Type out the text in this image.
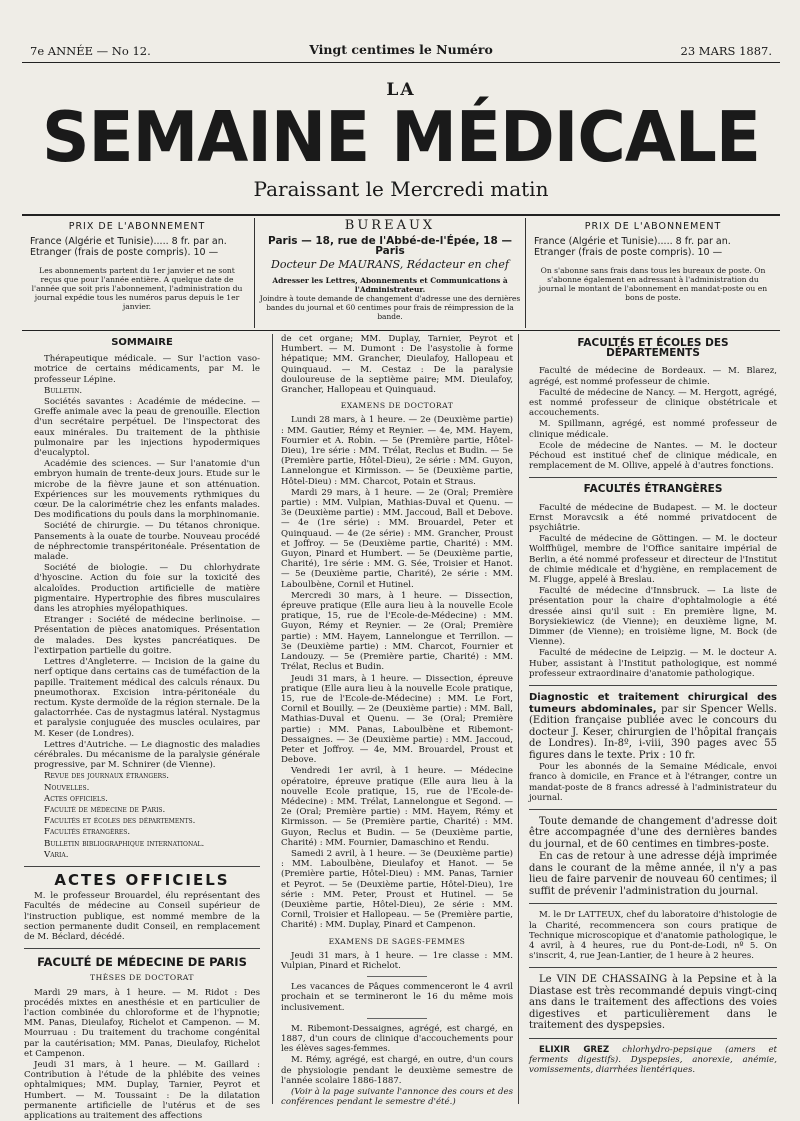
7e ANNÉE — No 12.	Vingt centimes le Numéro	23 MARS 1887.
LA
SEMAINE MÉDICALE
Paraissant le Mercredi matin
PRIX DE L'ABONNEMENT
France (Algérie et Tunisie)..... 8 fr. par an.
Etranger (frais de poste compris). 10 —
Les abonnements partent du 1er janvier et ne sont reçus que pour l'année entière. A quelque date de l'année que soit pris l'abonnement, l'administration du journal expédie tous les numéros parus depuis le 1er janvier.
BUREAUX
Paris — 18, rue de l'Abbé-de-l'Épée, 18 — Paris
Docteur De MAURANS, Rédacteur en chef
Adresser les Lettres, Abonnements et Communications à l'Administrateur.
Joindre à toute demande de changement d'adresse une des dernières bandes du journal et 60 centimes pour frais de réimpression de la bande.
PRIX DE L'ABONNEMENT
France (Algérie et Tunisie)..... 8 fr. par an.
Etranger (frais de poste compris). 10 —
On s'abonne sans frais dans tous les bureaux de poste. On s'abonne également en adressant à l'administration du journal le montant de l'abonnement en mandat-poste ou en bons de poste.
SOMMAIRE

Thérapeutique médicale. — Sur l'action vaso-motrice de certains médicaments, par M. le professeur Lépine.

Bulletin.

Sociétés savantes : Académie de médecine. — Greffe animale avec la peau de grenouille. Election d'un secrétaire perpétuel. De l'inspectorat des eaux minérales. Du traitement de la phthisie pulmonaire par les injections hypodermiques d'eucalyptol.

Académie des sciences. — Sur l'anatomie d'un embryon humain de trente-deux jours. Etude sur le microbe de la fièvre jaune et son atténuation. Expériences sur les mouvements rythmiques du cœur. De la calorimétrie chez les enfants malades. Des modifications du pouls dans la morphinomanie.

Société de chirurgie. — Du tétanos chronique. Pansements à la ouate de tourbe. Nouveau procédé de néphrectomie transpéritonéale. Présentation de malade.

Société de biologie. — Du chlorhydrate d'hyoscine. Action du foie sur la toxicité des alcaloïdes. Production artificielle de matière pigmentaire. Hypertrophie des fibres musculaires dans les atrophies myélopathiques.

Etranger : Société de médecine berlinoise. — Présentation de pièces anatomiques. Présentation de malades. Des kystes pancréatiques. De l'extirpation partielle du goitre.

Lettres d'Angleterre. — Incision de la gaine du nerf optique dans certains cas de tuméfaction de la papille. Traitement médical des calculs rénaux. Du pneumothorax. Excision intra-péritonéale du rectum. Kyste dermoïde de la région sternale. De la galactorrhée. Cas de nystagmus latéral. Nystagmus et paralysie conjuguée des muscles oculaires, par M. Keser (de Londres).

Lettres d'Autriche. — Le diagnostic des maladies cérébrales. Du mécanisme de la paralysie générale progressive, par M. Schnirer (de Vienne).

Revue des journaux étrangers.

Nouvelles.

Actes officiels.

Faculté de médecine de Paris.

Facultés et écoles des départements.

Facultés étrangères.

Bulletin bibliographique international.

Varia.

ACTES OFFICIELS

M. le professeur Brouardel, élu représentant des Facultés de médecine au Conseil supérieur de l'instruction publique, est nommé membre de la section permanente dudit Conseil, en remplacement de M. Béclard, décédé.

FACULTÉ DE MÉDECINE DE PARIS
THÈSES DE DOCTORAT

Mardi 29 mars, à 1 heure. — M. Ridot : Des procédés mixtes en anesthésie et en particulier de l'action combinée du chloroforme et de l'hypnotie; MM. Panas, Dieulafoy, Richelot et Campenon. — M. Mourruau : Du traitement du trachome congénital par la cautérisation; MM. Panas, Dieulafoy, Richelot et Campenon.

Jeudi 31 mars, à 1 heure. — M. Gaillard : Contribution à l'étude de la phlébite des veines ophtalmiques; MM. Duplay, Tarnier, Peyrot et Humbert. — M. Toussaint : De la dilatation permanente artificielle de l'utérus et de ses applications au traitement des affections

de cet organe; MM. Duplay, Tarnier, Peyrot et Humbert. — M. Dumont : De l'asystolie à forme hépatique; MM. Grancher, Dieulafoy, Hallopeau et Quinquaud. — M. Cestaz : De la paralysie douloureuse de la septième paire; MM. Dieulafoy, Grancher, Hallopeau et Quinquaud.

EXAMENS DE DOCTORAT

Lundi 28 mars, à 1 heure. — 2e (Deuxième partie) : MM. Gautier, Rémy et Reynier. — 4e, MM. Hayem, Fournier et A. Robin. — 5e (Première partie, Hôtel-Dieu), 1re série : MM. Trélat, Reclus et Budin. — 5e (Première partie, Hôtel-Dieu), 2e série : MM. Guyon, Lannelongue et Kirmisson. — 5e (Deuxième partie, Hôtel-Dieu) : MM. Charcot, Potain et Straus.

Mardi 29 mars, à 1 heure. — 2e (Oral; Première partie) : MM. Vulpian, Mathias-Duval et Quenu. — 3e (Deuxième partie) : MM. Jaccoud, Ball et Debove. — 4e (1re série) : MM. Brouardel, Peter et Quinquaud. — 4e (2e série) : MM. Grancher, Proust et Joffroy. — 5e (Deuxième partie, Charité) : MM. Guyon, Pinard et Humbert. — 5e (Deuxième partie, Charité), 1re série : MM. G. Sée, Troisier et Hanot. — 5e (Deuxième partie, Charité), 2e série : MM. Laboulbène, Cornil et Hutinel.

Mercredi 30 mars, à 1 heure. — Dissection, épreuve pratique (Elle aura lieu à la nouvelle Ecole pratique, 15, rue de l'Ecole-de-Médecine) : MM. Guyon, Rémy et Reynier. — 2e (Oral; Première partie) : MM. Hayem, Lannelongue et Terrillon. — 3e (Deuxième partie) : MM. Charcot, Fournier et Landouzy. — 5e (Première partie, Charité) : MM. Trélat, Reclus et Budin.

Jeudi 31 mars, à 1 heure. — Dissection, épreuve pratique (Elle aura lieu à la nouvelle Ecole pratique, 15, rue de l'Ecole-de-Médecine) : MM. Le Fort, Cornil et Bouilly. — 2e (Deuxième partie) : MM. Ball, Mathias-Duval et Quenu. — 3e (Oral; Première partie) : MM. Panas, Laboulbène et Ribemont-Dessaignes. — 3e (Deuxième partie) : MM. Jaccoud, Peter et Joffroy. — 4e, MM. Brouardel, Proust et Debove.

Vendredi 1er avril, à 1 heure. — Médecine opératoire, épreuve pratique (Elle aura lieu à la nouvelle Ecole pratique, 15, rue de l'Ecole-de-Médecine) : MM. Trélat, Lannelongue et Segond. — 2e (Oral; Première partie) : MM. Hayem, Rémy et Kirmisson. — 5e (Première partie, Charité) : MM. Guyon, Reclus et Budin. — 5e (Deuxième partie, Charité) : MM. Fournier, Damaschino et Rendu.

Samedi 2 avril, à 1 heure. — 3e (Deuxième partie) : MM. Laboulbène, Dieulafoy et Hanot. — 5e (Première partie, Hôtel-Dieu) : MM. Panas, Tarnier et Peyrot. — 5e (Deuxième partie, Hôtel-Dieu), 1re série : MM. Peter, Proust et Hutinel. — 5e (Deuxième partie, Hôtel-Dieu), 2e série : MM. Cornil, Troisier et Hallopeau. — 5e (Première partie, Charité) : MM. Duplay, Pinard et Campenon.

EXAMENS DE SAGES-FEMMES

Jeudi 31 mars, à 1 heure. — 1re classe : MM. Vulpian, Pinard et Richelot.

Les vacances de Pâques commenceront le 4 avril prochain et se termineront le 16 du même mois inclusivement.

M. Ribemont-Dessaignes, agrégé, est chargé, en 1887, d'un cours de clinique d'accouchements pour les élèves sages-femmes.

M. Rémy, agrégé, est chargé, en outre, d'un cours de physiologie pendant le deuxième semestre de l'année scolaire 1886-1887.

(Voir à la page suivante l'annonce des cours et des conférences pendant le semestre d'été.)

FACULTÉS ET ÉCOLES DES DÉPARTEMENTS

Faculté de médecine de Bordeaux. — M. Blarez, agrégé, est nommé professeur de chimie.

Faculté de médecine de Nancy. — M. Hergott, agrégé, est nommé professeur de clinique obstétricale et accouchements.

M. Spillmann, agrégé, est nommé professeur de clinique médicale.

Ecole de médecine de Nantes. — M. le docteur Péchoud est institué chef de clinique médicale, en remplacement de M. Ollive, appelé à d'autres fonctions.

FACULTÉS ÉTRANGÈRES

Faculté de médecine de Budapest. — M. le docteur Ernst Moravcsik a été nommé privatdocent de psychiâtrie.

Faculté de médecine de Göttingen. — M. le docteur Wolffhügel, membre de l'Office sanitaire impérial de Berlin, a été nommé professeur et directeur de l'Institut de chimie médicale et d'hygiène, en remplacement de M. Flugge, appelé à Breslau.

Faculté de médecine d'Innsbruck. — La liste de présentation pour la chaire d'ophtalmologie a été dressée ainsi qu'il suit : En première ligne, M. Borysiekiewicz (de Vienne); en deuxième ligne, M. Dimmer (de Vienne); en troisième ligne, M. Bock (de Vienne).

Faculté de médecine de Leipzig. — M. le docteur A. Huber, assistant à l'Institut pathologique, est nommé professeur extraordinaire d'anatomie pathologique.

Diagnostic et traitement chirurgical des tumeurs abdominales, par sir Spencer Wells. (Edition française publiée avec le concours du docteur J. Keser, chirurgien de l'hôpital français de Londres). In-8º, i-viii, 390 pages avec 55 figures dans le texte. Prix : 10 fr.

Pour les abonnés de la Semaine Médicale, envoi franco à domicile, en France et à l'étranger, contre un mandat-poste de 8 francs adressé à l'administrateur du journal.

Toute demande de changement d'adresse doit être accompagnée d'une des dernières bandes du journal, et de 60 centimes en timbres-poste.

En cas de retour à une adresse déjà imprimée dans le courant de la même année, il n'y a pas lieu de faire parvenir de nouveau 60 centimes; il suffit de prévenir l'administration du journal.

M. le Dr LATTEUX, chef du laboratoire d'histologie de la Charité, recommencera son cours pratique de Technique microscopique et d'anatomie pathologique, le 4 avril, à 4 heures, rue du Pont-de-Lodi, nº 5. On s'inscrit, 4, rue Jean-Lantier, de 1 heure à 2 heures.

Le VIN DE CHASSAING à la Pepsine et à la Diastase est très recommandé depuis vingt-cinq ans dans le traitement des affections des voies digestives et particulièrement dans le traitement des dyspepsies.

ELIXIR GREZ chlorhydro-pepsique (amers et ferments digestifs). Dyspepsies, anorexie, anémie, vomissements, diarrhées lientériques.
